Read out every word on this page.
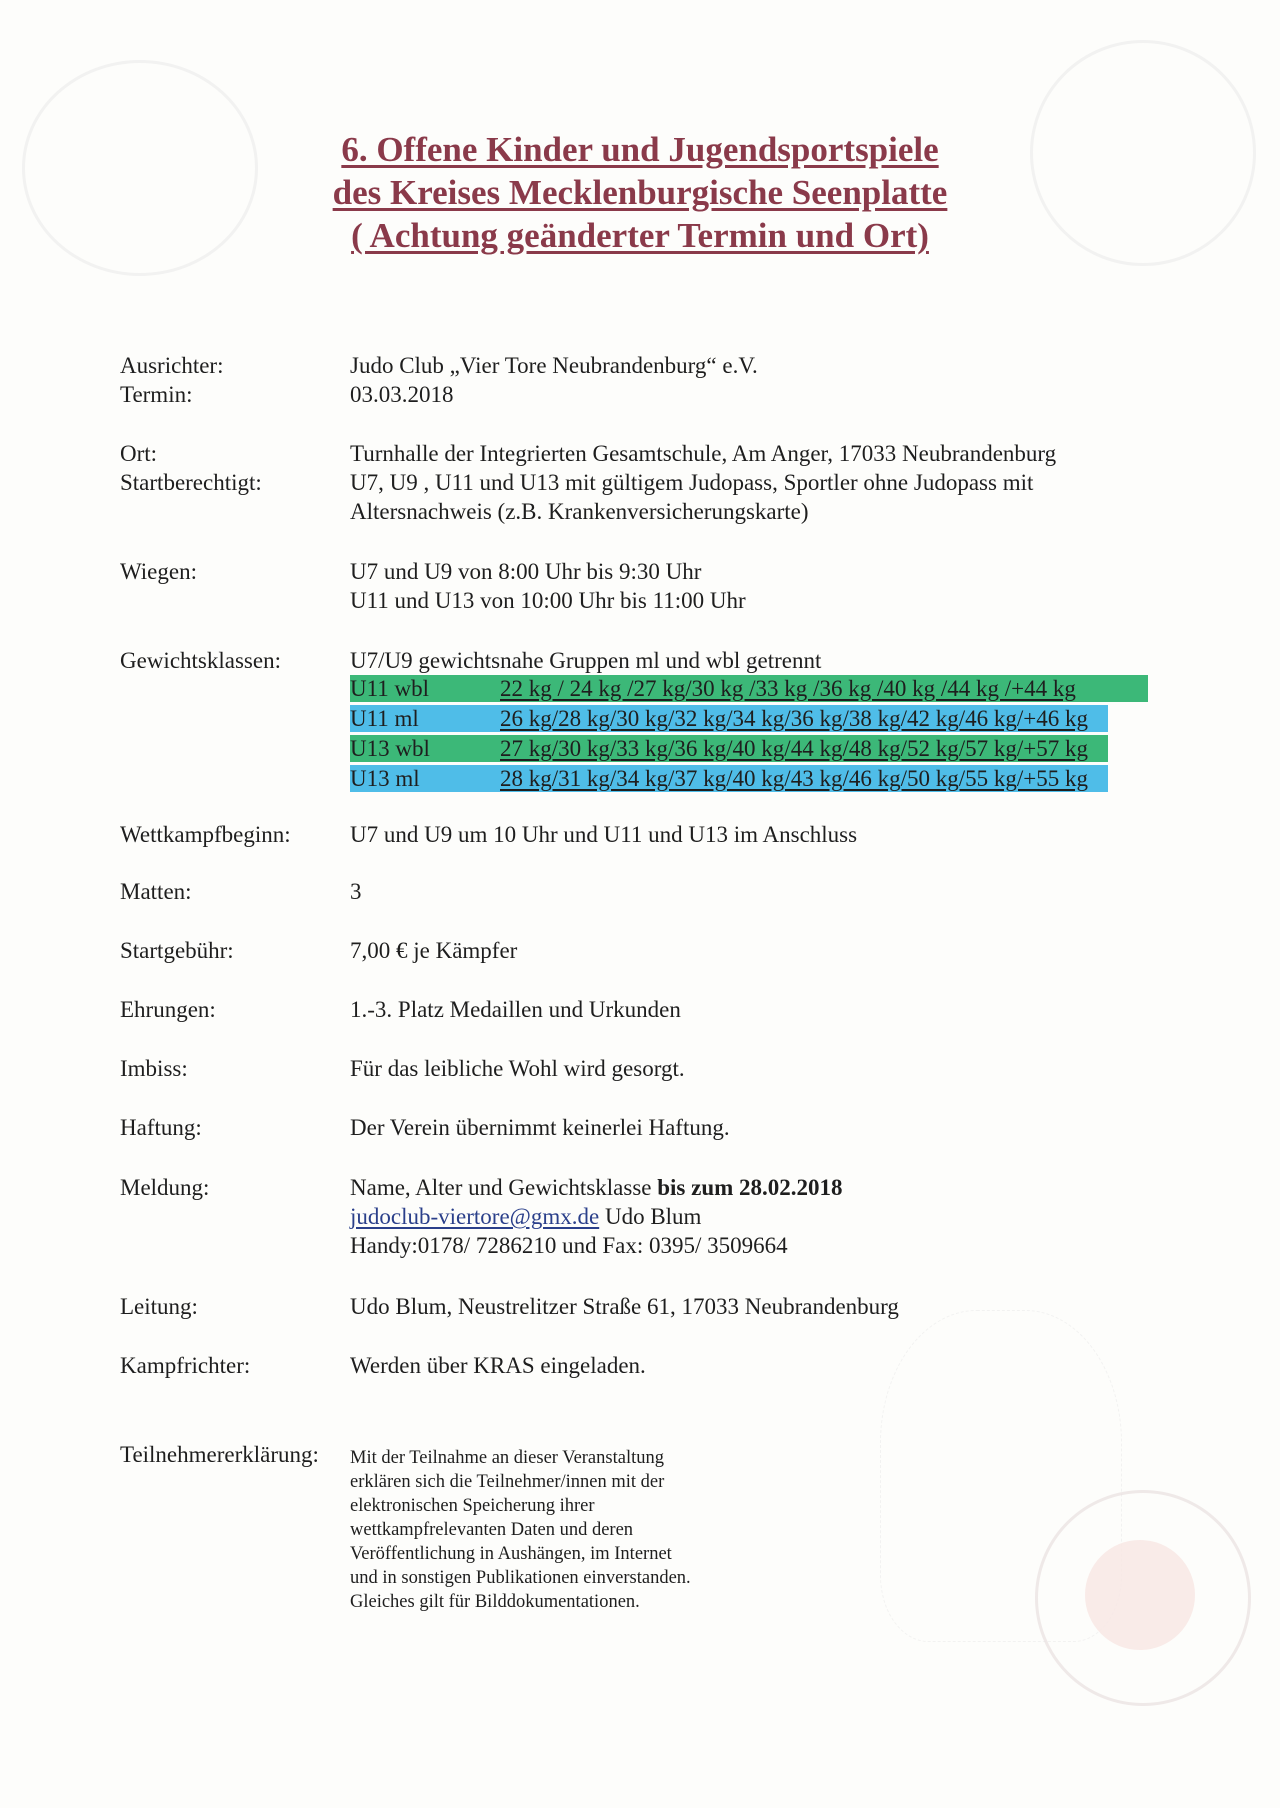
6. Offene Kinder und Jugendsportspiele
des Kreises Mecklenburgische Seenplatte
( Achtung geänderter Termin und Ort)
Ausrichter:	Judo Club „Vier Tore Neubrandenburg“ e.V.
Termin:	03.03.2018
Ort:	Turnhalle der Integrierten Gesamtschule, Am Anger, 17033 Neubrandenburg
Startberechtigt:	U7, U9 , U11 und U13 mit gültigem Judopass, Sportler ohne Judopass mit
Altersnachweis (z.B. Krankenversicherungskarte)
Wiegen:	U7 und U9 von 8:00 Uhr bis 9:30 Uhr
U11 und U13 von 10:00 Uhr bis 11:00 Uhr
Gewichtsklassen:	U7/U9 gewichtsnahe Gruppen ml und wbl getrennt
U11 wbl	22 kg / 24 kg /27 kg/30 kg /33 kg /36 kg /40 kg /44 kg /+44 kg
U11 ml	26 kg/28 kg/30 kg/32 kg/34 kg/36 kg/38 kg/42 kg/46 kg/+46 kg
U13 wbl	27 kg/30 kg/33 kg/36 kg/40 kg/44 kg/48 kg/52 kg/57 kg/+57 kg
U13 ml	28 kg/31 kg/34 kg/37 kg/40 kg/43 kg/46 kg/50 kg/55 kg/+55 kg
Wettkampfbeginn:	U7 und U9 um 10 Uhr und U11 und U13 im Anschluss
Matten:	3
Startgebühr:	7,00 € je Kämpfer
Ehrungen:	1.-3. Platz Medaillen und Urkunden
Imbiss:	Für das leibliche Wohl wird gesorgt.
Haftung:	Der Verein übernimmt keinerlei Haftung.
Meldung:	Name, Alter und Gewichtsklasse bis zum 28.02.2018
judoclub-viertore@gmx.de Udo Blum
Handy:0178/ 7286210 und Fax: 0395/ 3509664
Leitung:	Udo Blum, Neustrelitzer Straße 61, 17033 Neubrandenburg
Kampfrichter:	Werden über KRAS eingeladen.
Teilnehmererklärung: Mit der Teilnahme an dieser Veranstaltung
erklären sich die Teilnehmer/innen mit der
elektronischen Speicherung ihrer
wettkampfrelevanten Daten und deren
Veröffentlichung in Aushängen, im Internet
und in sonstigen Publikationen einverstanden.
Gleiches gilt für Bilddokumentationen.
